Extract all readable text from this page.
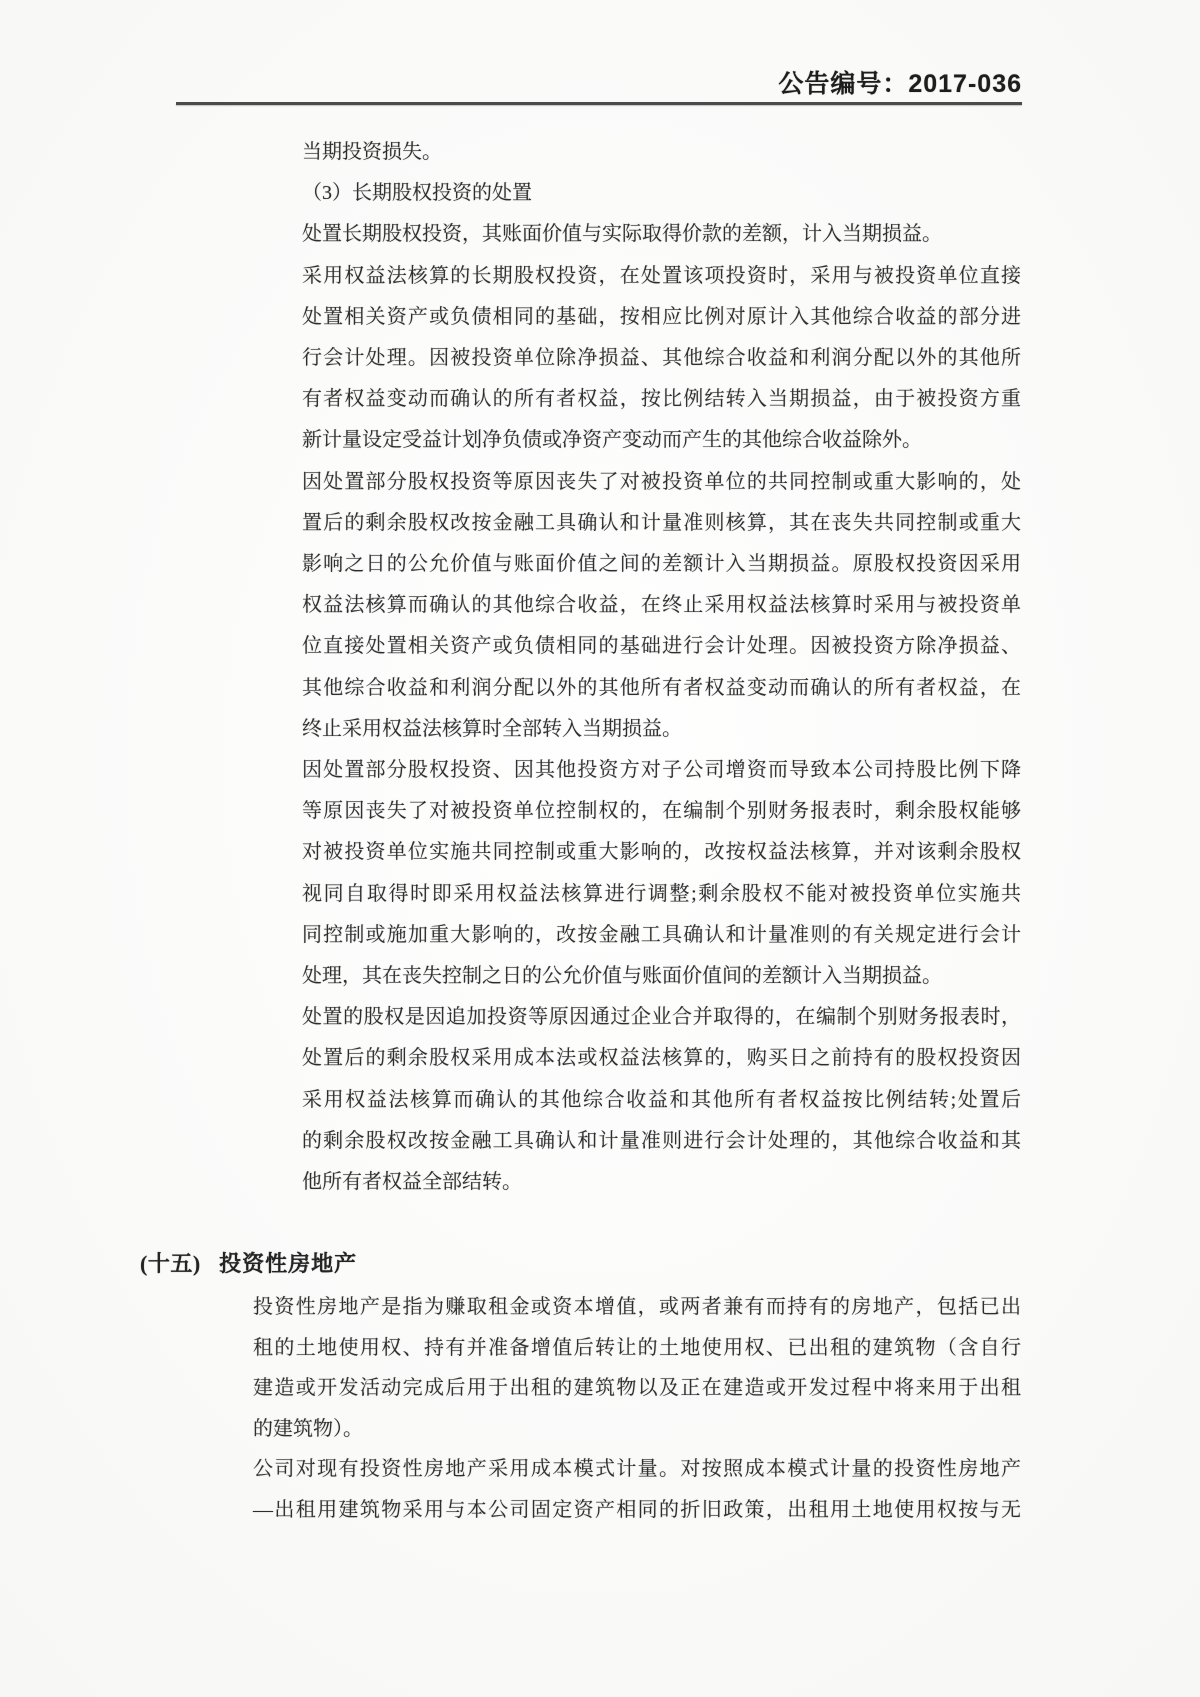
公告编号：2017-036
当期投资损失。
（3）长期股权投资的处置
处置长期股权投资，其账面价值与实际取得价款的差额，计入当期损益。
采用权益法核算的长期股权投资，在处置该项投资时，采用与被投资单位直接
处置相关资产或负债相同的基础，按相应比例对原计入其他综合收益的部分进
行会计处理。因被投资单位除净损益、其他综合收益和利润分配以外的其他所
有者权益变动而确认的所有者权益，按比例结转入当期损益，由于被投资方重
新计量设定受益计划净负债或净资产变动而产生的其他综合收益除外。
因处置部分股权投资等原因丧失了对被投资单位的共同控制或重大影响的，处
置后的剩余股权改按金融工具确认和计量准则核算，其在丧失共同控制或重大
影响之日的公允价值与账面价值之间的差额计入当期损益。原股权投资因采用
权益法核算而确认的其他综合收益，在终止采用权益法核算时采用与被投资单
位直接处置相关资产或负债相同的基础进行会计处理。因被投资方除净损益、
其他综合收益和利润分配以外的其他所有者权益变动而确认的所有者权益，在
终止采用权益法核算时全部转入当期损益。
因处置部分股权投资、因其他投资方对子公司增资而导致本公司持股比例下降
等原因丧失了对被投资单位控制权的，在编制个别财务报表时，剩余股权能够
对被投资单位实施共同控制或重大影响的，改按权益法核算，并对该剩余股权
视同自取得时即采用权益法核算进行调整;剩余股权不能对被投资单位实施共
同控制或施加重大影响的，改按金融工具确认和计量准则的有关规定进行会计
处理，其在丧失控制之日的公允价值与账面价值间的差额计入当期损益。
处置的股权是因追加投资等原因通过企业合并取得的，在编制个别财务报表时，
处置后的剩余股权采用成本法或权益法核算的，购买日之前持有的股权投资因
采用权益法核算而确认的其他综合收益和其他所有者权益按比例结转;处置后
的剩余股权改按金融工具确认和计量准则进行会计处理的，其他综合收益和其
他所有者权益全部结转。
(十五) 投资性房地产
投资性房地产是指为赚取租金或资本增值，或两者兼有而持有的房地产，包括已出
租的土地使用权、持有并准备增值后转让的土地使用权、已出租的建筑物（含自行
建造或开发活动完成后用于出租的建筑物以及正在建造或开发过程中将来用于出租
的建筑物）。
公司对现有投资性房地产采用成本模式计量。对按照成本模式计量的投资性房地产
—出租用建筑物采用与本公司固定资产相同的折旧政策，出租用土地使用权按与无
